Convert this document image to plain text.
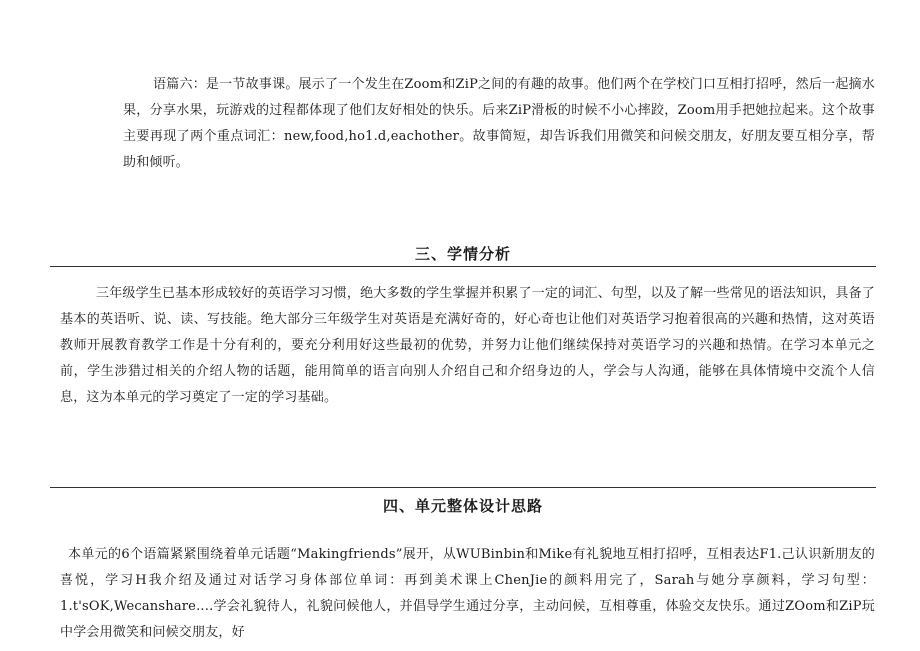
语篇六：是一节故事课。展示了一个发生在Zoom和ZiP之间的有趣的故事。他们两个在学校门口互相打招呼，然后一起摘水果，分享水果，玩游戏的过程都体现了他们友好相处的快乐。后来ZiP滑板的时候不小心摔跤，Zoom用手把她拉起来。这个故事主要再现了两个重点词汇：new,food,ho1.d,eachother。故事简短，却告诉我们用微笑和问候交朋友，好朋友要互相分享，帮助和倾听。

三、学情分析

三年级学生已基本形成较好的英语学习习惯，绝大多数的学生掌握并积累了一定的词汇、句型，以及了解一些常见的语法知识，具备了基本的英语听、说、读、写技能。绝大部分三年级学生对英语是充满好奇的，好心奇也让他们对英语学习抱着很高的兴趣和热情，这对英语教师开展教育教学工作是十分有利的，要充分利用好这些最初的优势，并努力让他们继续保持对英语学习的兴趣和热情。在学习本单元之前，学生涉猎过相关的介绍人物的话题，能用简单的语言向别人介绍自己和介绍身边的人，学会与人沟通，能够在具体情境中交流个人信息，这为本单元的学习奠定了一定的学习基础。

四、单元整体设计思路

本单元的6个语篇紧紧围绕着单元话题“Makingfriends”展开，从WUBinbin和Mike有礼貌地互相打招呼，互相表达F1.己认识新朋友的喜悦，学习H我介绍及通过对话学习身体部位单词：再到美术课上ChenJie的颜料用完了，Sarah与她分享颜料，学习句型：1.t'sOK,Wecanshare....学会礼貌待人，礼貌问候他人，并倡导学生通过分享，主动问候，互相尊重，体验交友快乐。通过ZOom和ZiP玩中学会用微笑和问候交朋友，好
